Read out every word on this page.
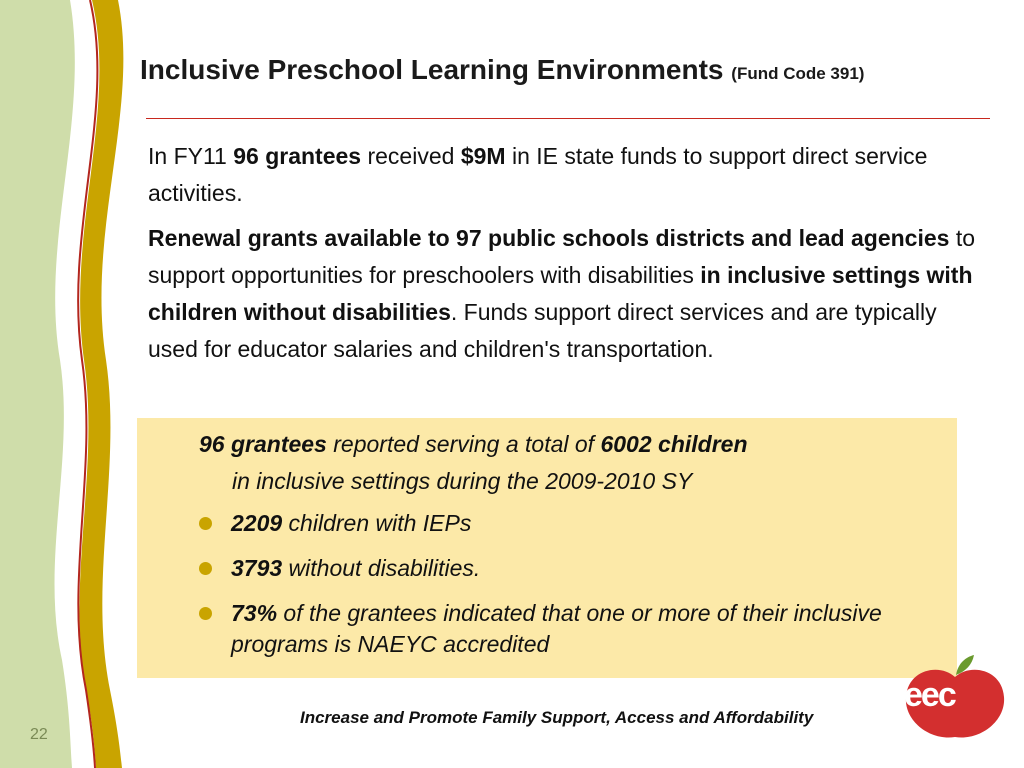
Inclusive Preschool Learning Environments (Fund Code 391)

In FY11 96 grantees received $9M in IE state funds to support direct service activities.

Renewal grants available to 97 public schools districts and lead agencies to support opportunities for preschoolers with disabilities in inclusive settings with children without disabilities. Funds support direct services and are typically used for educator salaries and children's transportation.

96 grantees reported serving a total of 6002 children
in inclusive settings during the 2009-2010 SY
2209 children with IEPs
3793 without disabilities.
73% of the grantees indicated that one or more of their inclusive programs is NAEYC accredited
Increase and Promote Family Support, Access and Affordability
22
eec
